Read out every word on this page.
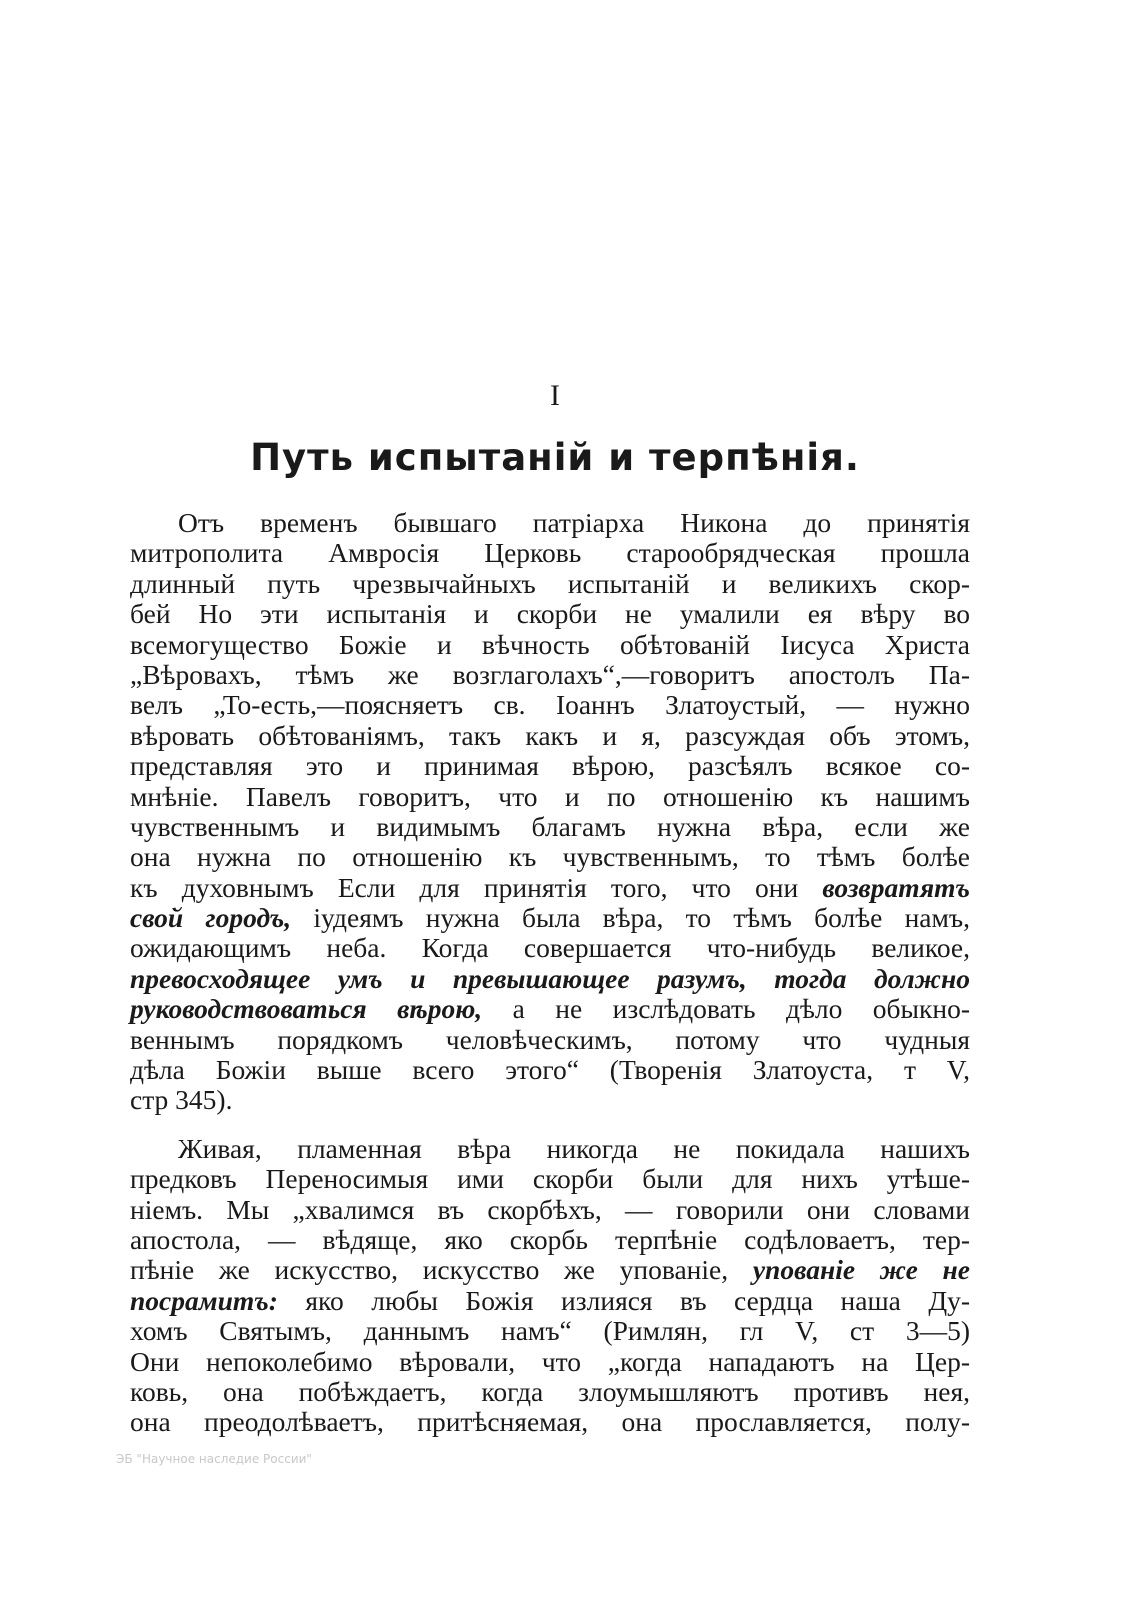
I
Путь испытаній и терпѣнія.
Отъ временъ бывшаго патріарха Никона до принятія
митрополита Амвросія Церковь старообрядческая прошла
длинный путь чрезвычайныхъ испытаній и великихъ скор-
бей Но эти испытанія и скорби не умалили ея вѣру во
всемогущество Божіе и вѣчность обѣтованій Іисуса Христа
„Вѣровахъ, тѣмъ же возглаголахъ“,—говоритъ апостолъ Па-
велъ „То-есть,—поясняетъ св. Іоаннъ Златоустый, — нужно
вѣровать обѣтованіямъ, такъ какъ и я, разсуждая объ этомъ,
представляя это и принимая вѣрою, разсѣялъ всякое со-
мнѣніе. Павелъ говоритъ, что и по отношенію къ нашимъ
чувственнымъ и видимымъ благамъ нужна вѣра, если же
она нужна по отношенію къ чувственнымъ, то тѣмъ болѣе
къ духовнымъ Если для принятія того, что они возвратятъ
свой городъ, іудеямъ нужна была вѣра, то тѣмъ болѣе намъ,
ожидающимъ неба. Когда совершается что-нибудь великое,
превосходящее умъ и превышающее разумъ, тогда должно
руководствоваться вѣрою, а не изслѣдовать дѣло обыкно-
веннымъ порядкомъ человѣческимъ, потому что чудныя
дѣла Божіи выше всего этого“ (Творенія Златоуста, т V,
стр 345).
Живая, пламенная вѣра никогда не покидала нашихъ
предковъ Переносимыя ими скорби были для нихъ утѣше-
ніемъ. Мы „хвалимся въ скорбѣхъ, — говорили они словами
апостола, — вѣдяще, яко скорбь терпѣніе содѣловаетъ, тер-
пѣніе же искусство, искусство же упованіе, упованіе же не
посрамитъ: яко любы Божія излияся въ сердца наша Ду-
хомъ Святымъ, даннымъ намъ“ (Римлян, гл V, ст 3—5)
Они непоколебимо вѣровали, что „когда нападаютъ на Цер-
ковь, она побѣждаетъ, когда злоумышляютъ противъ нея,
она преодолѣваетъ, притѣсняемая, она прославляется, полу-
ЭБ "Научное наследие России"
